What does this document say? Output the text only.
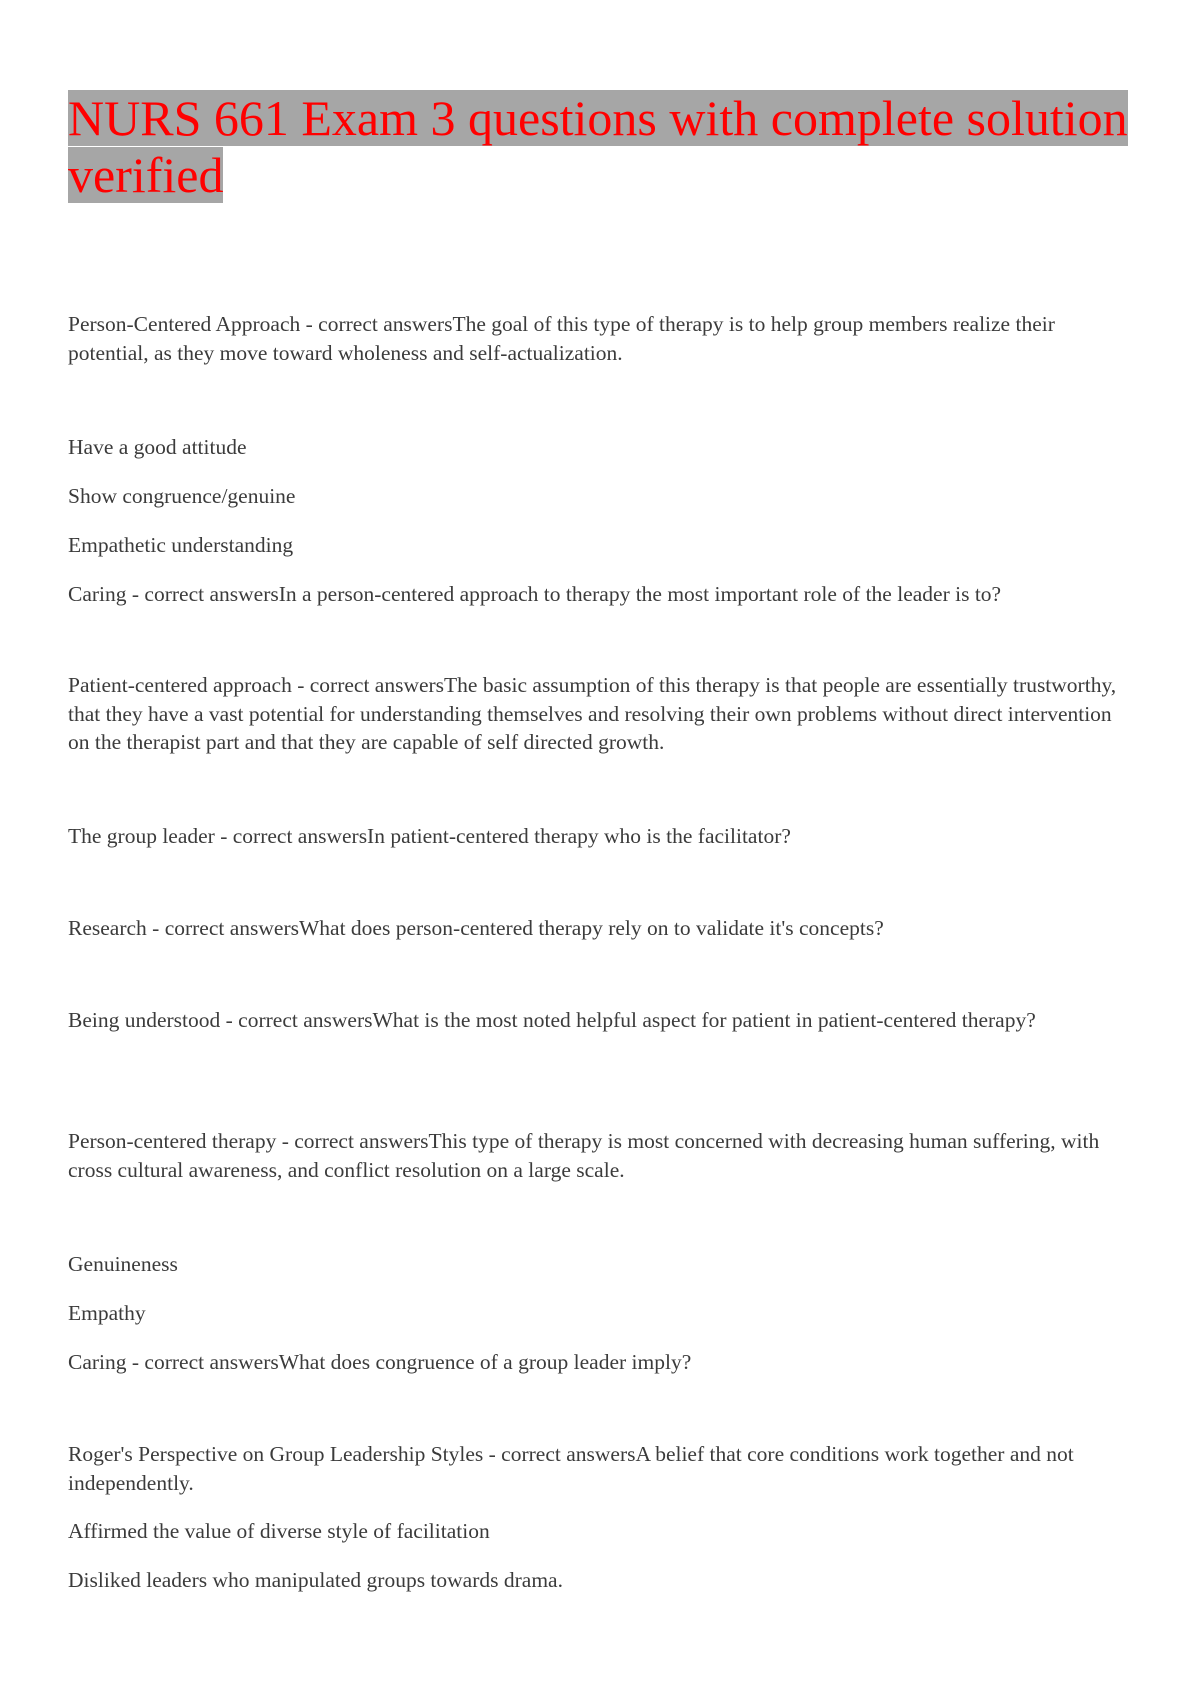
NURS 661 Exam 3 questions with complete solution verified

Person-Centered Approach - correct answersThe goal of this type of therapy is to help group members realize their potential, as they move toward wholeness and self-actualization.

Have a good attitude

Show congruence/genuine

Empathetic understanding

Caring - correct answersIn a person-centered approach to therapy the most important role of the leader is to?

Patient-centered approach - correct answersThe basic assumption of this therapy is that people are essentially trustworthy, that they have a vast potential for understanding themselves and resolving their own problems without direct intervention on the therapist part and that they are capable of self directed growth.

The group leader - correct answersIn patient-centered therapy who is the facilitator?

Research - correct answersWhat does person-centered therapy rely on to validate it's concepts?

Being understood - correct answersWhat is the most noted helpful aspect for patient in patient-centered therapy?

Person-centered therapy - correct answersThis type of therapy is most concerned with decreasing human suffering, with cross cultural awareness, and conflict resolution on a large scale.

Genuineness

Empathy

Caring - correct answersWhat does congruence of a group leader imply?

Roger's Perspective on Group Leadership Styles - correct answersA belief that core conditions work together and not independently.

Affirmed the value of diverse style of facilitation

Disliked leaders who manipulated groups towards drama.
